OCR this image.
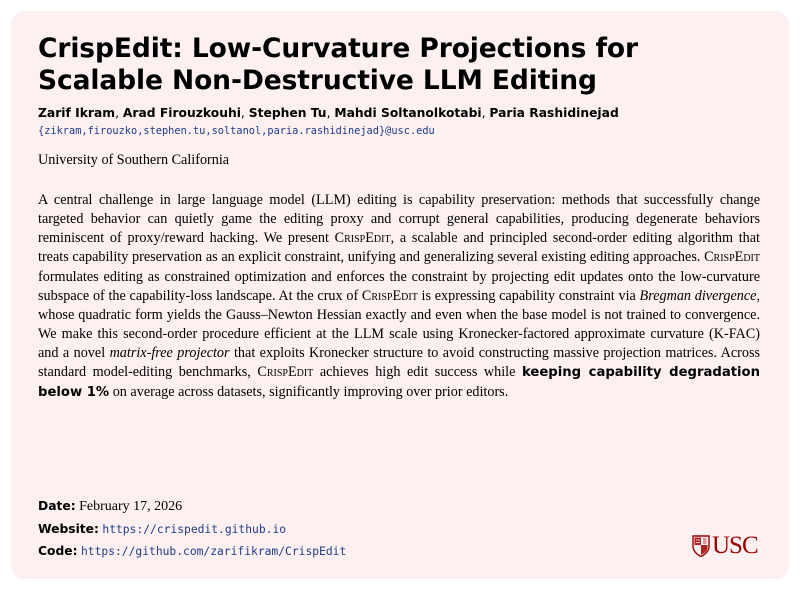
CrispEdit: Low-Curvature Projections for Scalable Non-Destructive LLM Editing
Zarif Ikram, Arad Firouzkouhi, Stephen Tu, Mahdi Soltanolkotabi, Paria Rashidinejad
{zikram,firouzko,stephen.tu,soltanol,paria.rashidinejad}@usc.edu
University of Southern California

A central challenge in large language model (LLM) editing is capability preservation: methods that successfully change targeted behavior can quietly game the editing proxy and corrupt general capabilities, producing degenerate behaviors reminiscent of proxy/reward hacking. We present CrispEdit, a scalable and principled second-order editing algorithm that treats capability preservation as an explicit constraint, unifying and generalizing several existing editing approaches. CrispEdit formulates editing as constrained optimization and enforces the constraint by projecting edit updates onto the low-curvature subspace of the capability-loss landscape. At the crux of CrispEdit is expressing capability constraint via Bregman divergence, whose quadratic form yields the Gauss–Newton Hessian exactly and even when the base model is not trained to convergence. We make this second-order procedure efficient at the LLM scale using Kronecker-factored approximate curvature (K-FAC) and a novel matrix-free projector that exploits Kronecker structure to avoid constructing massive projection matrices. Across standard model-editing benchmarks, CrispEdit achieves high edit success while keeping capability degradation below 1% on average across datasets, significantly improving over prior editors.

Date: February 17, 2026
Website: https://crispedit.github.io
Code: https://github.com/zarifikram/CrispEdit	USC
